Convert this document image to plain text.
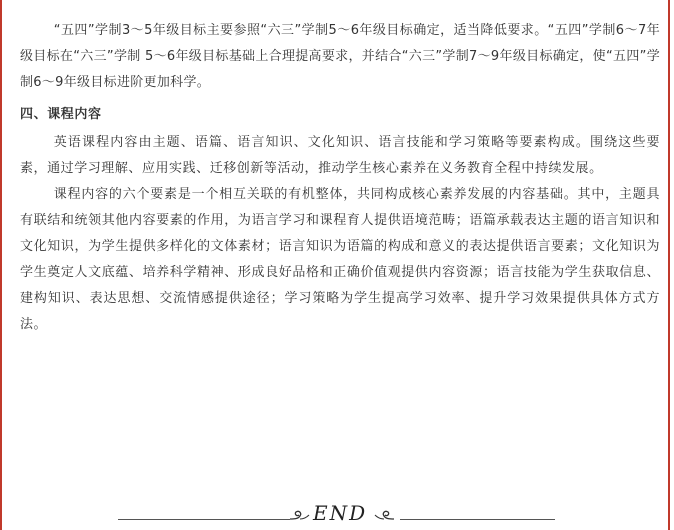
“五四”学制3～5年级目标主要参照“六三”学制5～6年级目标确定，适当降低要求。“五四”学制6～7年级目标在“六三”学制 5～6年级目标基础上合理提高要求，并结合“六三”学制7～9年级目标确定，使“五四”学制6～9年级目标进阶更加科学。

四、课程内容

英语课程内容由主题、语篇、语言知识、文化知识、语言技能和学习策略等要素构成。围绕这些要素，通过学习理解、应用实践、迁移创新等活动，推动学生核心素养在义务教育全程中持续发展。

课程内容的六个要素是一个相互关联的有机整体，共同构成核心素养发展的内容基础。其中，主题具有联结和统领其他内容要素的作用，为语言学习和课程育人提供语境范畴；语篇承载表达主题的语言知识和文化知识，为学生提供多样化的文体素材；语言知识为语篇的构成和意义的表达提供语言要素；文化知识为学生奠定人文底蕴、培养科学精神、形成良好品格和正确价值观提供内容资源；语言技能为学生获取信息、建构知识、表达思想、交流情感提供途径；学习策略为学生提高学习效率、提升学习效果提供具体方式方法。

END
